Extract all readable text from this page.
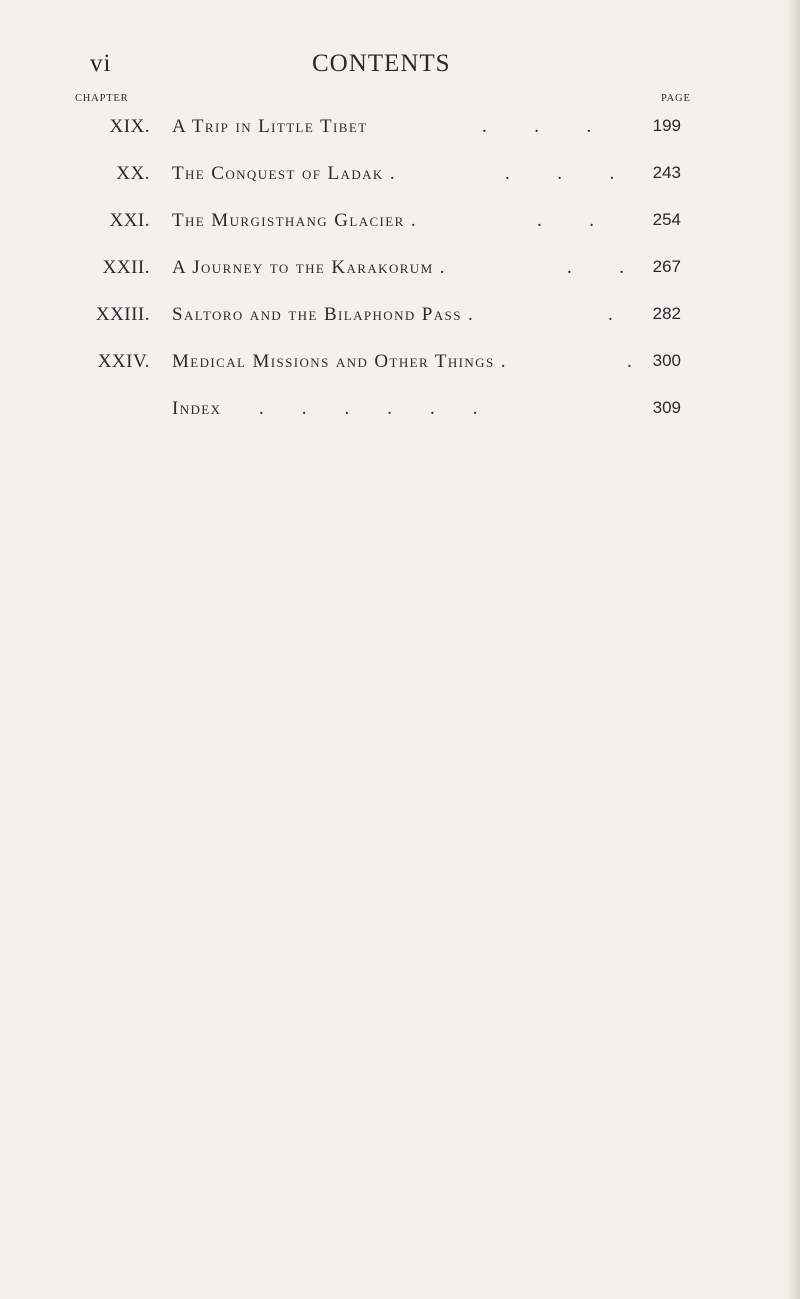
vi	CONTENTS
CHAPTER	PAGE
XIX. A Trip in Little Tibet	.          .          .	199
XX. The Conquest of Ladak .	.          .          . 243
XXI. The Murgisthang Glacier .	.          .	254
XXII. A Journey to the Karakorum .	.          . 267
XXIII. Saltoro and the Bilaphond Pass .	. 282
XXIV. Medical Missions and Other Things .	. 300
Index .        .        .        .        .        .	309
